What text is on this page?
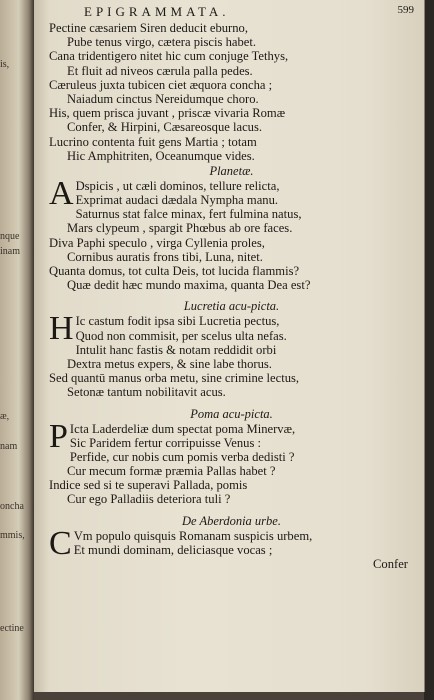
is,
nque
inam
æ,
nam
oncha
mmis,
ectine
EPIGRAMMATA.	599
Pectine cæsariem Siren deducit eburno,
Pube tenus virgo, cætera piscis habet.
Cana tridentigero nitet hic cum conjuge Tethys,
Et fluit ad niveos cærula palla pedes.
Cæruleus juxta tubicen ciet æquora concha ;
Naiadum cinctus Nereidumque choro.
His, quem prisca juvant , priscæ vivaria Romæ
Confer, & Hirpini, Cæsareosque lacus.
Lucrino contenta fuit gens Martia ; totam
Hic Amphitriten, Oceanumque vides.
Planetæ.
A Dspicis , ut cæli dominos, tellure relicta,
Exprimat audaci dædala Nympha manu.
Saturnus stat falce minax, fert fulmina natus,
Mars clypeum , spargit Phœbus ab ore faces.
Diva Paphi speculo , virga Cyllenia proles,
Cornibus auratis frons tibi, Luna, nitet.
Quanta domus, tot culta Deis, tot lucida flammis?
Quæ dedit hæc mundo maxima, quanta Dea est?
Lucretia acu-picta.
H Ic castum fodit ipsa sibi Lucretia pectus,
Quod non commisit, per scelus ulta nefas.
Intulit hanc fastis & notam reddidit orbi
Dextra metus expers, & sine labe thorus.
Sed quantū manus orba metu, sine crimine lectus,
Setonæ tantum nobilitavit acus.
Poma acu-picta.
P Icta Laderdeliæ dum spectat poma Minervæ,
Sic Paridem fertur corripuisse Venus :
Perfide, cur nobis cum pomis verba dedisti ?
Cur mecum formæ præmia Pallas habet ?
Indice sed si te superavi Pallada, pomis
Cur ego Palladiis deteriora tuli ?
De Aberdonia urbe.
C Vm populo quisquis Romanam suspicis urbem,
Et mundi dominam, deliciasque vocas ;
Confer
